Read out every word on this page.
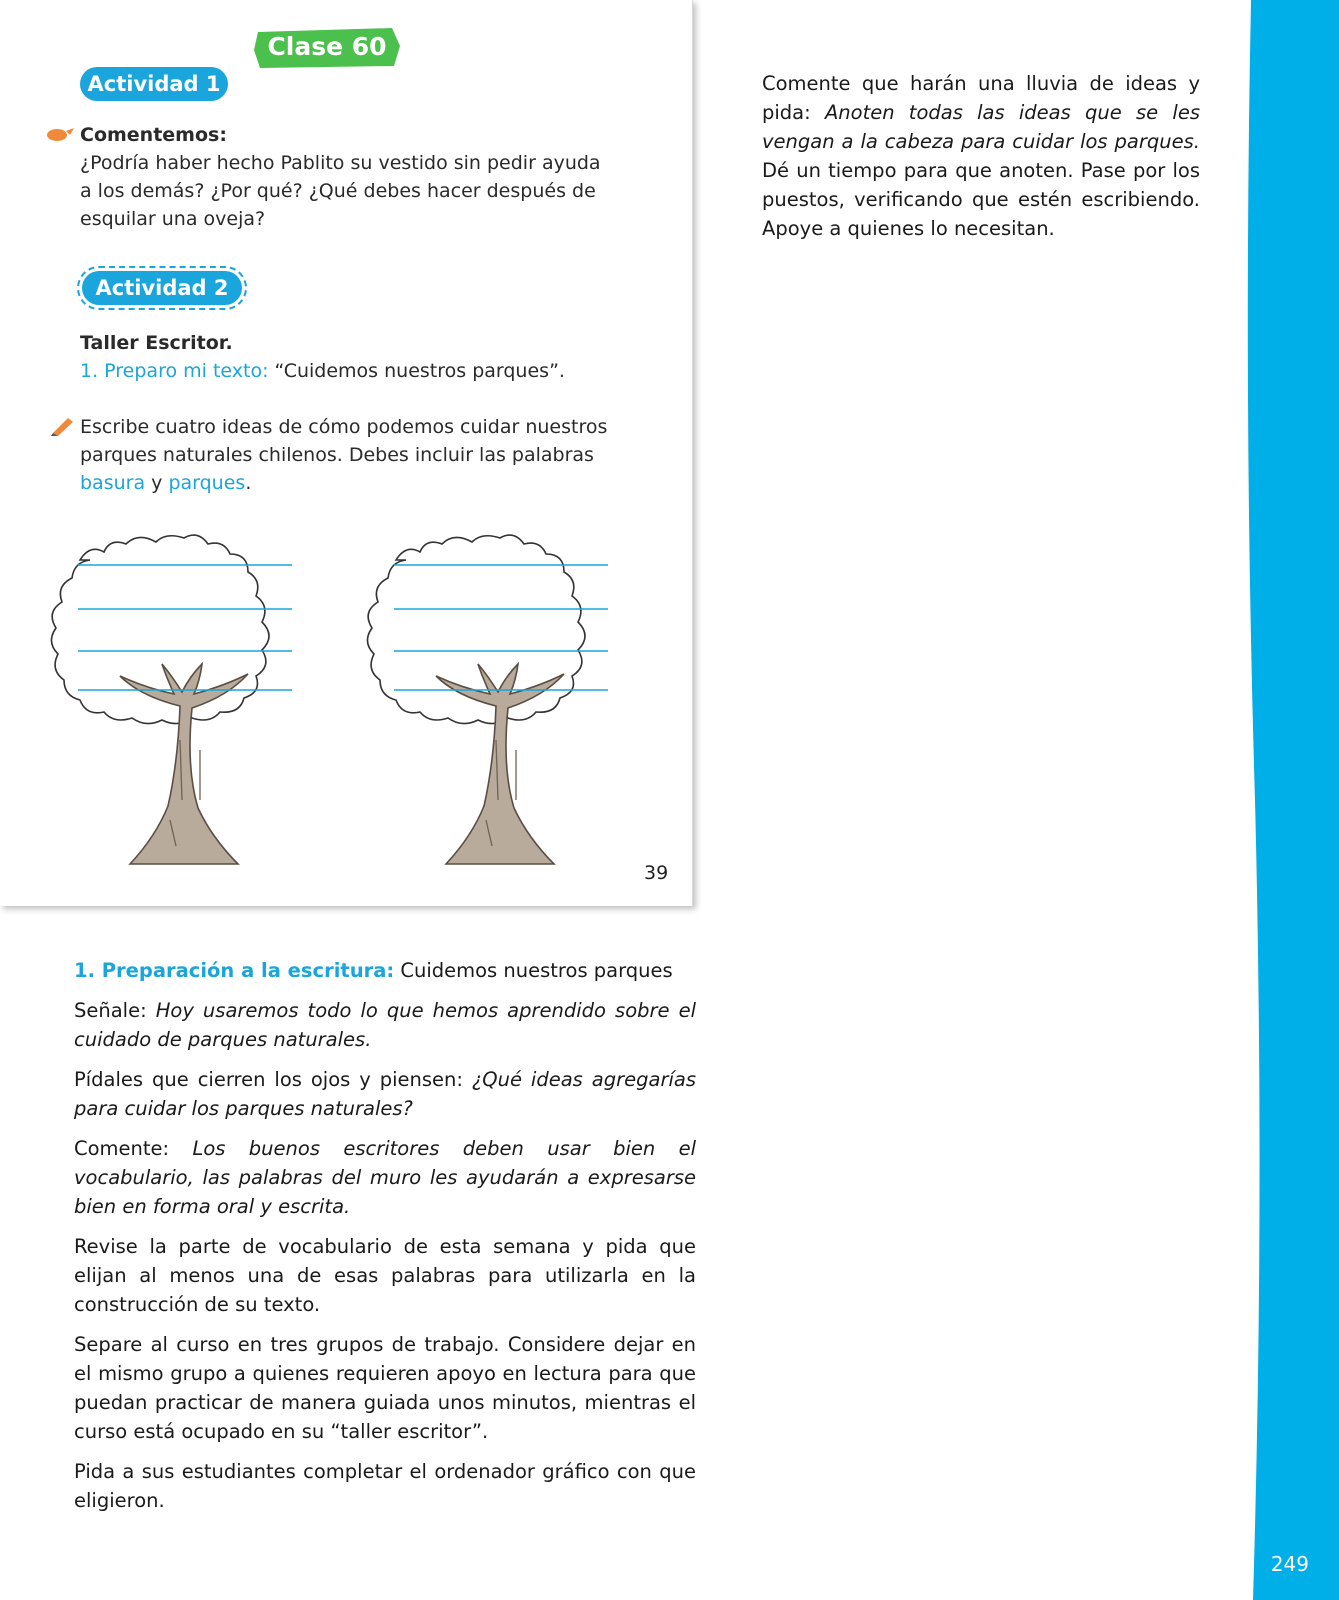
249
Clase 60
Actividad 1
Comentemos:
¿Podría haber hecho Pablito su vestido sin pedir ayuda
a los demás? ¿Por qué? ¿Qué debes hacer después de
esquilar una oveja?
Actividad 2
Taller Escritor.
1. Preparo mi texto: “Cuidemos nuestros parques”.
Escribe cuatro ideas de cómo podemos cuidar nuestros
parques naturales chilenos. Debes incluir las palabras
basura y parques.
39
Comente que harán una lluvia de ideas y pida: Anoten todas las ideas que se les vengan a la cabeza para cuidar los parques. Dé un tiempo para que anoten. Pase por los puestos, verificando que estén escribiendo. Apoye a quienes lo necesitan.

1. Preparación a la escritura: Cuidemos nuestros parques

Señale: Hoy usaremos todo lo que hemos aprendido sobre el cuidado de parques naturales.

Pídales que cierren los ojos y piensen: ¿Qué ideas agregarías para cuidar los parques naturales?

Comente: Los buenos escritores deben usar bien el vocabulario, las palabras del muro les ayudarán a expresarse bien en forma oral y escrita.

Revise la parte de vocabulario de esta semana y pida que elijan al menos una de esas palabras para utilizarla en la construcción de su texto.

Separe al curso en tres grupos de trabajo. Considere dejar en el mismo grupo a quienes requieren apoyo en lectura para que puedan practicar de manera guiada unos minutos, mientras el curso está ocupado en su “taller escritor”.

Pida a sus estudiantes completar el ordenador gráfico con que eligieron.
